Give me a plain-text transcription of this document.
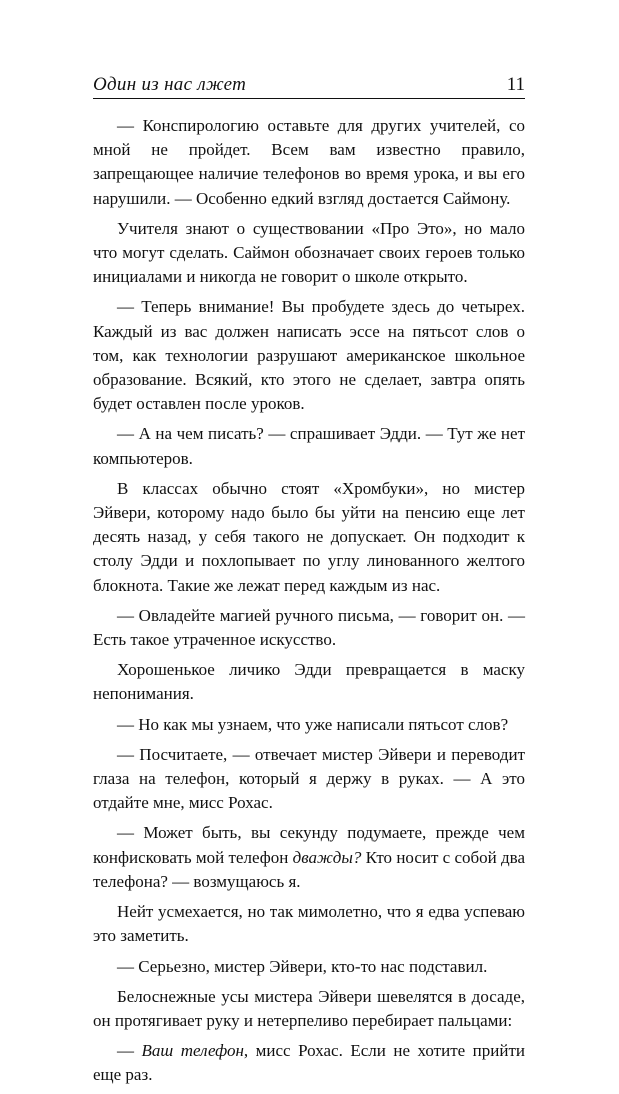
Один из нас лжет	11

— Конспирологию оставьте для других учителей, со мной не пройдет. Всем вам известно правило, запрещающее наличие телефонов во время урока, и вы его нарушили. — Особенно едкий взгляд достается Саймону.

Учителя знают о существовании «Про Это», но мало что могут сделать. Саймон обозначает своих героев только инициалами и никогда не говорит о школе открыто.

— Теперь внимание! Вы пробудете здесь до четырех. Каждый из вас должен написать эссе на пятьсот слов о том, как технологии разрушают американское школьное образование. Всякий, кто этого не сделает, завтра опять будет оставлен после уроков.

— А на чем писать? — спрашивает Эдди. — Тут же нет компьютеров.

В классах обычно стоят «Хромбуки», но мистер Эйвери, которому надо было бы уйти на пенсию еще лет десять назад, у себя такого не допускает. Он подходит к столу Эдди и похлопывает по углу линованного желтого блокнота. Такие же лежат перед каждым из нас.

— Овладейте магией ручного письма, — говорит он. — Есть такое утраченное искусство.

Хорошенькое личико Эдди превращается в маску непонимания.

— Но как мы узнаем, что уже написали пятьсот слов?

— Посчитаете, — отвечает мистер Эйвери и переводит глаза на телефон, который я держу в руках. — А это отдайте мне, мисс Рохас.

— Может быть, вы секунду подумаете, прежде чем конфисковать мой телефон дважды? Кто носит с собой два телефона? — возмущаюсь я.

Нейт усмехается, но так мимолетно, что я едва успеваю это заметить.

— Серьезно, мистер Эйвери, кто-то нас подставил.

Белоснежные усы мистера Эйвери шевелятся в досаде, он протягивает руку и нетерпеливо перебирает пальцами:

— Ваш телефон, мисс Рохас. Если не хотите прийти еще раз.
